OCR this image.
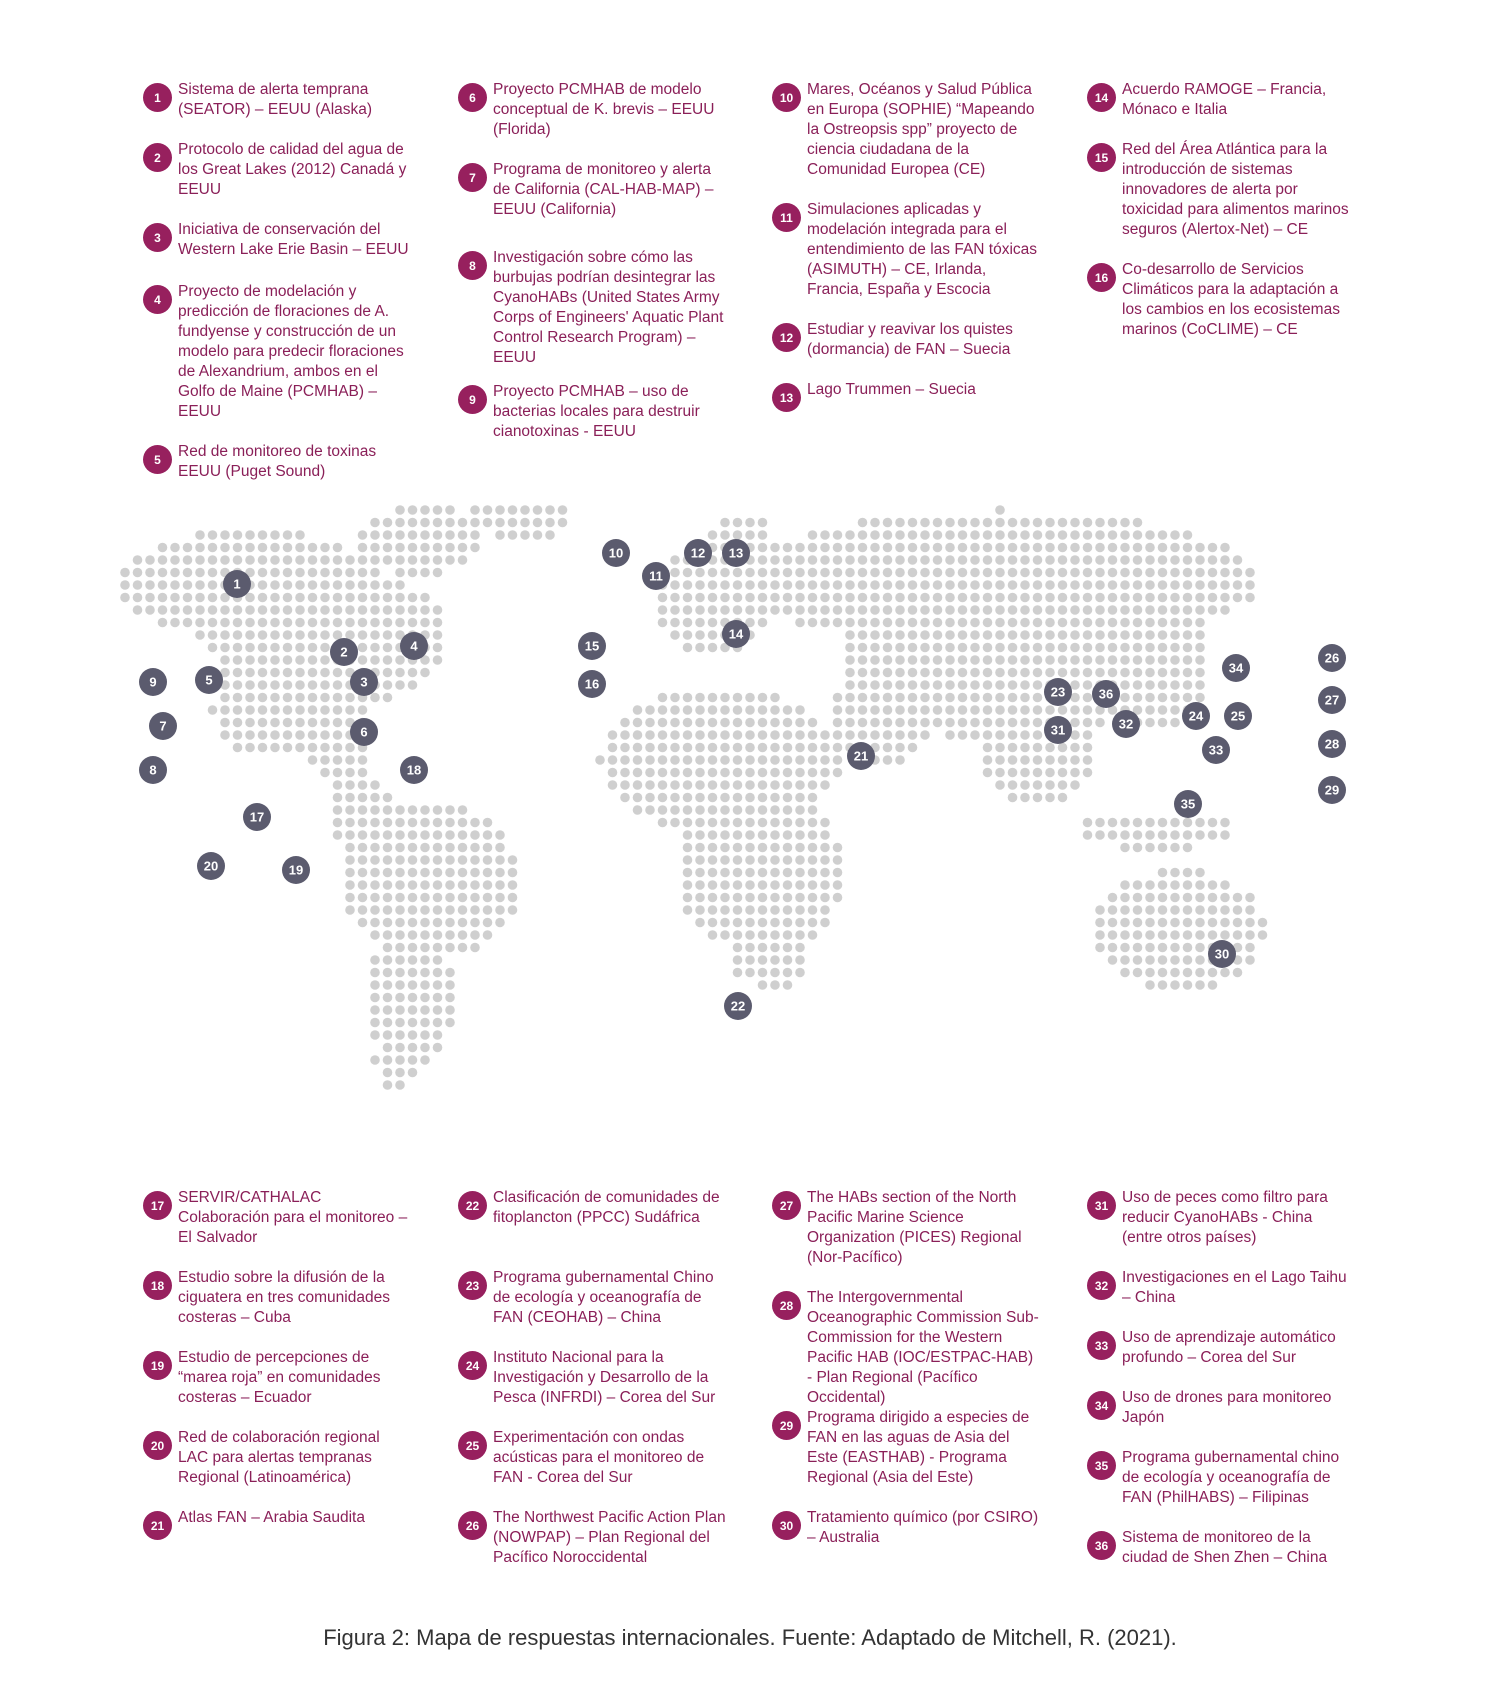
1	Sistema de alerta temprana (SEATOR) – EEUU (Alaska)
2	Protocolo de calidad del agua de los Great Lakes (2012) Canadá y EEUU
3	Iniciativa de conservación del Western Lake Erie Basin – EEUU
4	Proyecto de modelación y predicción de floraciones de A. fundyense y construcción de un modelo para predecir floraciones de Alexandrium, ambos en el Golfo de Maine (PCMHAB) – EEUU
5	Red de monitoreo de toxinas EEUU (Puget Sound)
6	Proyecto PCMHAB de modelo conceptual de K. brevis – EEUU (Florida)
7	Programa de monitoreo y alerta de California (CAL-HAB-MAP) – EEUU (California)
8	Investigación sobre cómo las burbujas podrían desintegrar las CyanoHABs (United States Army Corps of Engineers' Aquatic Plant Control Research Program) – EEUU
9	Proyecto PCMHAB – uso de bacterias locales para destruir cianotoxinas - EEUU
10 Mares, Océanos y Salud Pública en Europa (SOPHIE) “Mapeando la Ostreopsis spp” proyecto de ciencia ciudadana de la Comunidad Europea (CE)
11 Simulaciones aplicadas y modelación integrada para el entendimiento de las FAN tóxicas (ASIMUTH) – CE, Irlanda, Francia, España y Escocia
12 Estudiar y reavivar los quistes (dormancia) de FAN – Suecia
13 Lago Trummen – Suecia
14 Acuerdo RAMOGE – Francia, Mónaco e Italia
15 Red del Área Atlántica para la introducción de sistemas innovadores de alerta por toxicidad para alimentos marinos seguros (Alertox-Net) – CE
16 Co-desarrollo de Servicios Climáticos para la adaptación a los cambios en los ecosistemas marinos (CoCLIME) – CE
1
2
3
4
5
6
7
8
9
10
11
12 13
14
15
16
17
18
19
20
21
22
23
24 25
26
27
28
29
30
31	32
33
34
35
36
17 SERVIR/CATHALAC Colaboración para el monitoreo – El Salvador
18 Estudio sobre la difusión de la ciguatera en tres comunidades costeras – Cuba
19 Estudio de percepciones de “marea roja” en comunidades costeras – Ecuador
20 Red de colaboración regional LAC para alertas tempranas Regional (Latinoamérica)
21 Atlas FAN – Arabia Saudita
22 Clasificación de comunidades de fitoplancton (PPCC) Sudáfrica
23 Programa gubernamental Chino de ecología y oceanografía de FAN (CEOHAB) – China
24 Instituto Nacional para la Investigación y Desarrollo de la Pesca (INFRDI) – Corea del Sur
25 Experimentación con ondas acústicas para el monitoreo de FAN - Corea del Sur
26 The Northwest Pacific Action Plan (NOWPAP) – Plan Regional del Pacífico Noroccidental
27 The HABs section of the North Pacific Marine Science Organization (PICES) Regional (Nor-Pacífico)
28 The Intergovernmental Oceanographic Commission Sub-Commission for the Western Pacific HAB (IOC/ESTPAC-HAB) - Plan Regional (Pacífico Occidental)
29 Programa dirigido a especies de FAN en las aguas de Asia del Este (EASTHAB) - Programa Regional (Asia del Este)
30 Tratamiento químico (por CSIRO) – Australia
31 Uso de peces como filtro para reducir CyanoHABs - China (entre otros países)
32 Investigaciones en el Lago Taihu – China
33 Uso de aprendizaje automático profundo – Corea del Sur
34 Uso de drones para monitoreo Japón
35 Programa gubernamental chino de ecología y oceanografía de FAN (PhilHABS) – Filipinas
36 Sistema de monitoreo de la ciudad de Shen Zhen – China
Figura 2: Mapa de respuestas internacionales. Fuente: Adaptado de Mitchell, R. (2021).
